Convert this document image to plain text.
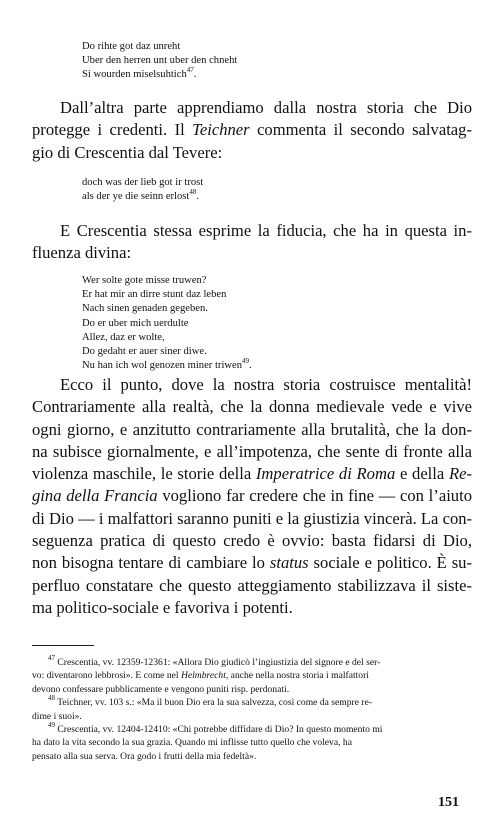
Do rihte got daz unreht
Uber den herren unt uber den chneht
Si wourden miselsuhtich$^{47}$.
Dall’altra parte apprendiamo dalla nostra storia che Dio
protegge i credenti. Il Teichner commenta il secondo salvatag-
gio di Crescentia dal Tevere:
doch was der lieb got ir trost
als der ye die seinn erlost$^{48}$.
E Crescentia stessa esprime la fiducia, che ha in questa in-
fluenza divina:
Wer solte gote misse truwen?
Er hat mir an dirre stunt daz leben
Nach sinen genaden gegeben.
Do er uber mich uerdulte
Allez, daz er wolte,
Do gedaht er auer siner diwe.
Nu han ich wol genozen miner triwen$^{49}$.
Ecco il punto, dove la nostra storia costruisce mentalità!
Contrariamente alla realtà, che la donna medievale vede e vive
ogni giorno, e anzitutto contrariamente alla brutalità, che la don-
na subisce giornalmente, e all’impotenza, che sente di fronte alla
violenza maschile, le storie della Imperatrice di Roma e della Re-
gina della Francia vogliono far credere che in fine — con l’aiuto
di Dio — i malfattori saranno puniti e la giustizia vincerà. La con-
seguenza pratica di questo credo è ovvio: basta fidarsi di Dio,
non bisogna tentare di cambiare lo status sociale e politico. È su-
perfluo constatare che questo atteggiamento stabilizzava il siste-
ma politico-sociale e favoriva i potenti.
$^{47}$ Crescentia, vv. 12359-12361: «Allora Dio giudicò l’ingiustizia del signore e del ser-
vo: diventarono lebbrosi». E come nel Helmbrecht, anche nella nostra storia i malfattori
devono confessare pubblicamente e vengono puniti risp. perdonati.
$^{48}$ Teichner, vv. 103 s.: «Ma il buon Dio era la sua salvezza, così come da sempre re-
dime i suoi».
$^{49}$ Crescentia, vv. 12404-12410: «Chi potrebbe diffidare di Dio? In questo momento mi
ha dato la vita secondo la sua grazia. Quando mi inflisse tutto quello che voleva, ha
pensato alla sua serva. Ora godo i frutti della mia fedeltà».
151
